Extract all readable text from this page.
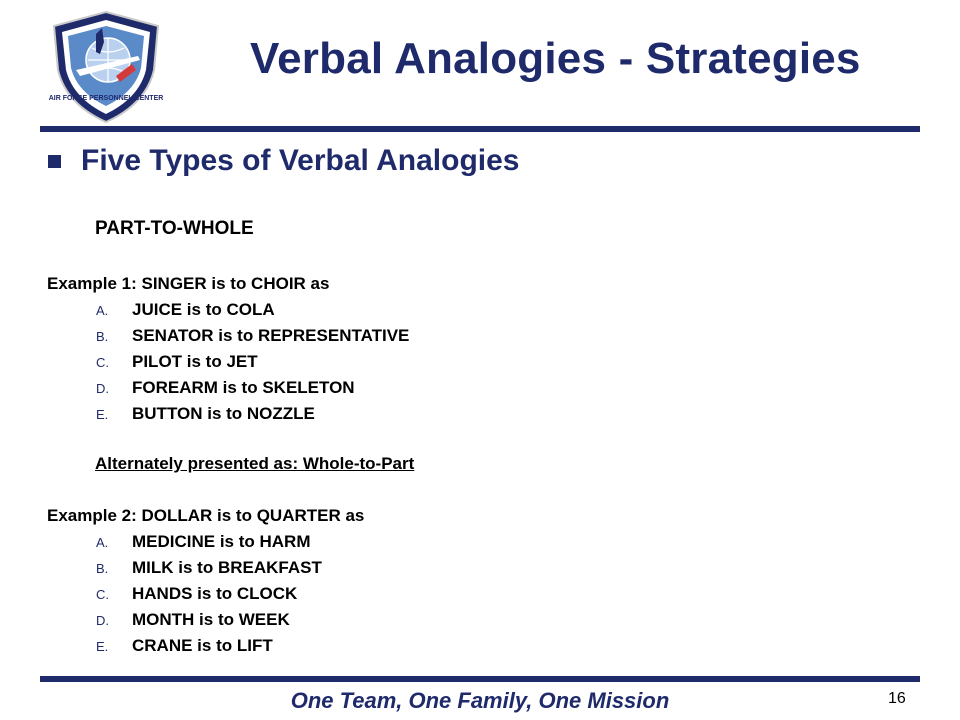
AIR FORCE PERSONNEL CENTER
Verbal Analogies - Strategies
Five Types of Verbal Analogies
PART-TO-WHOLE
Example 1: SINGER is to CHOIR as
A.	JUICE is to COLA
B.	SENATOR is to REPRESENTATIVE
C.	PILOT is to JET
D.	FOREARM is to SKELETON
E.	BUTTON is to NOZZLE
Alternately presented as: Whole-to-Part
Example 2: DOLLAR is to QUARTER as
A.	MEDICINE is to HARM
B.	MILK is to BREAKFAST
C.	HANDS is to CLOCK
D.	MONTH is to WEEK
E.	CRANE is to LIFT
One Team, One Family, One Mission	16
